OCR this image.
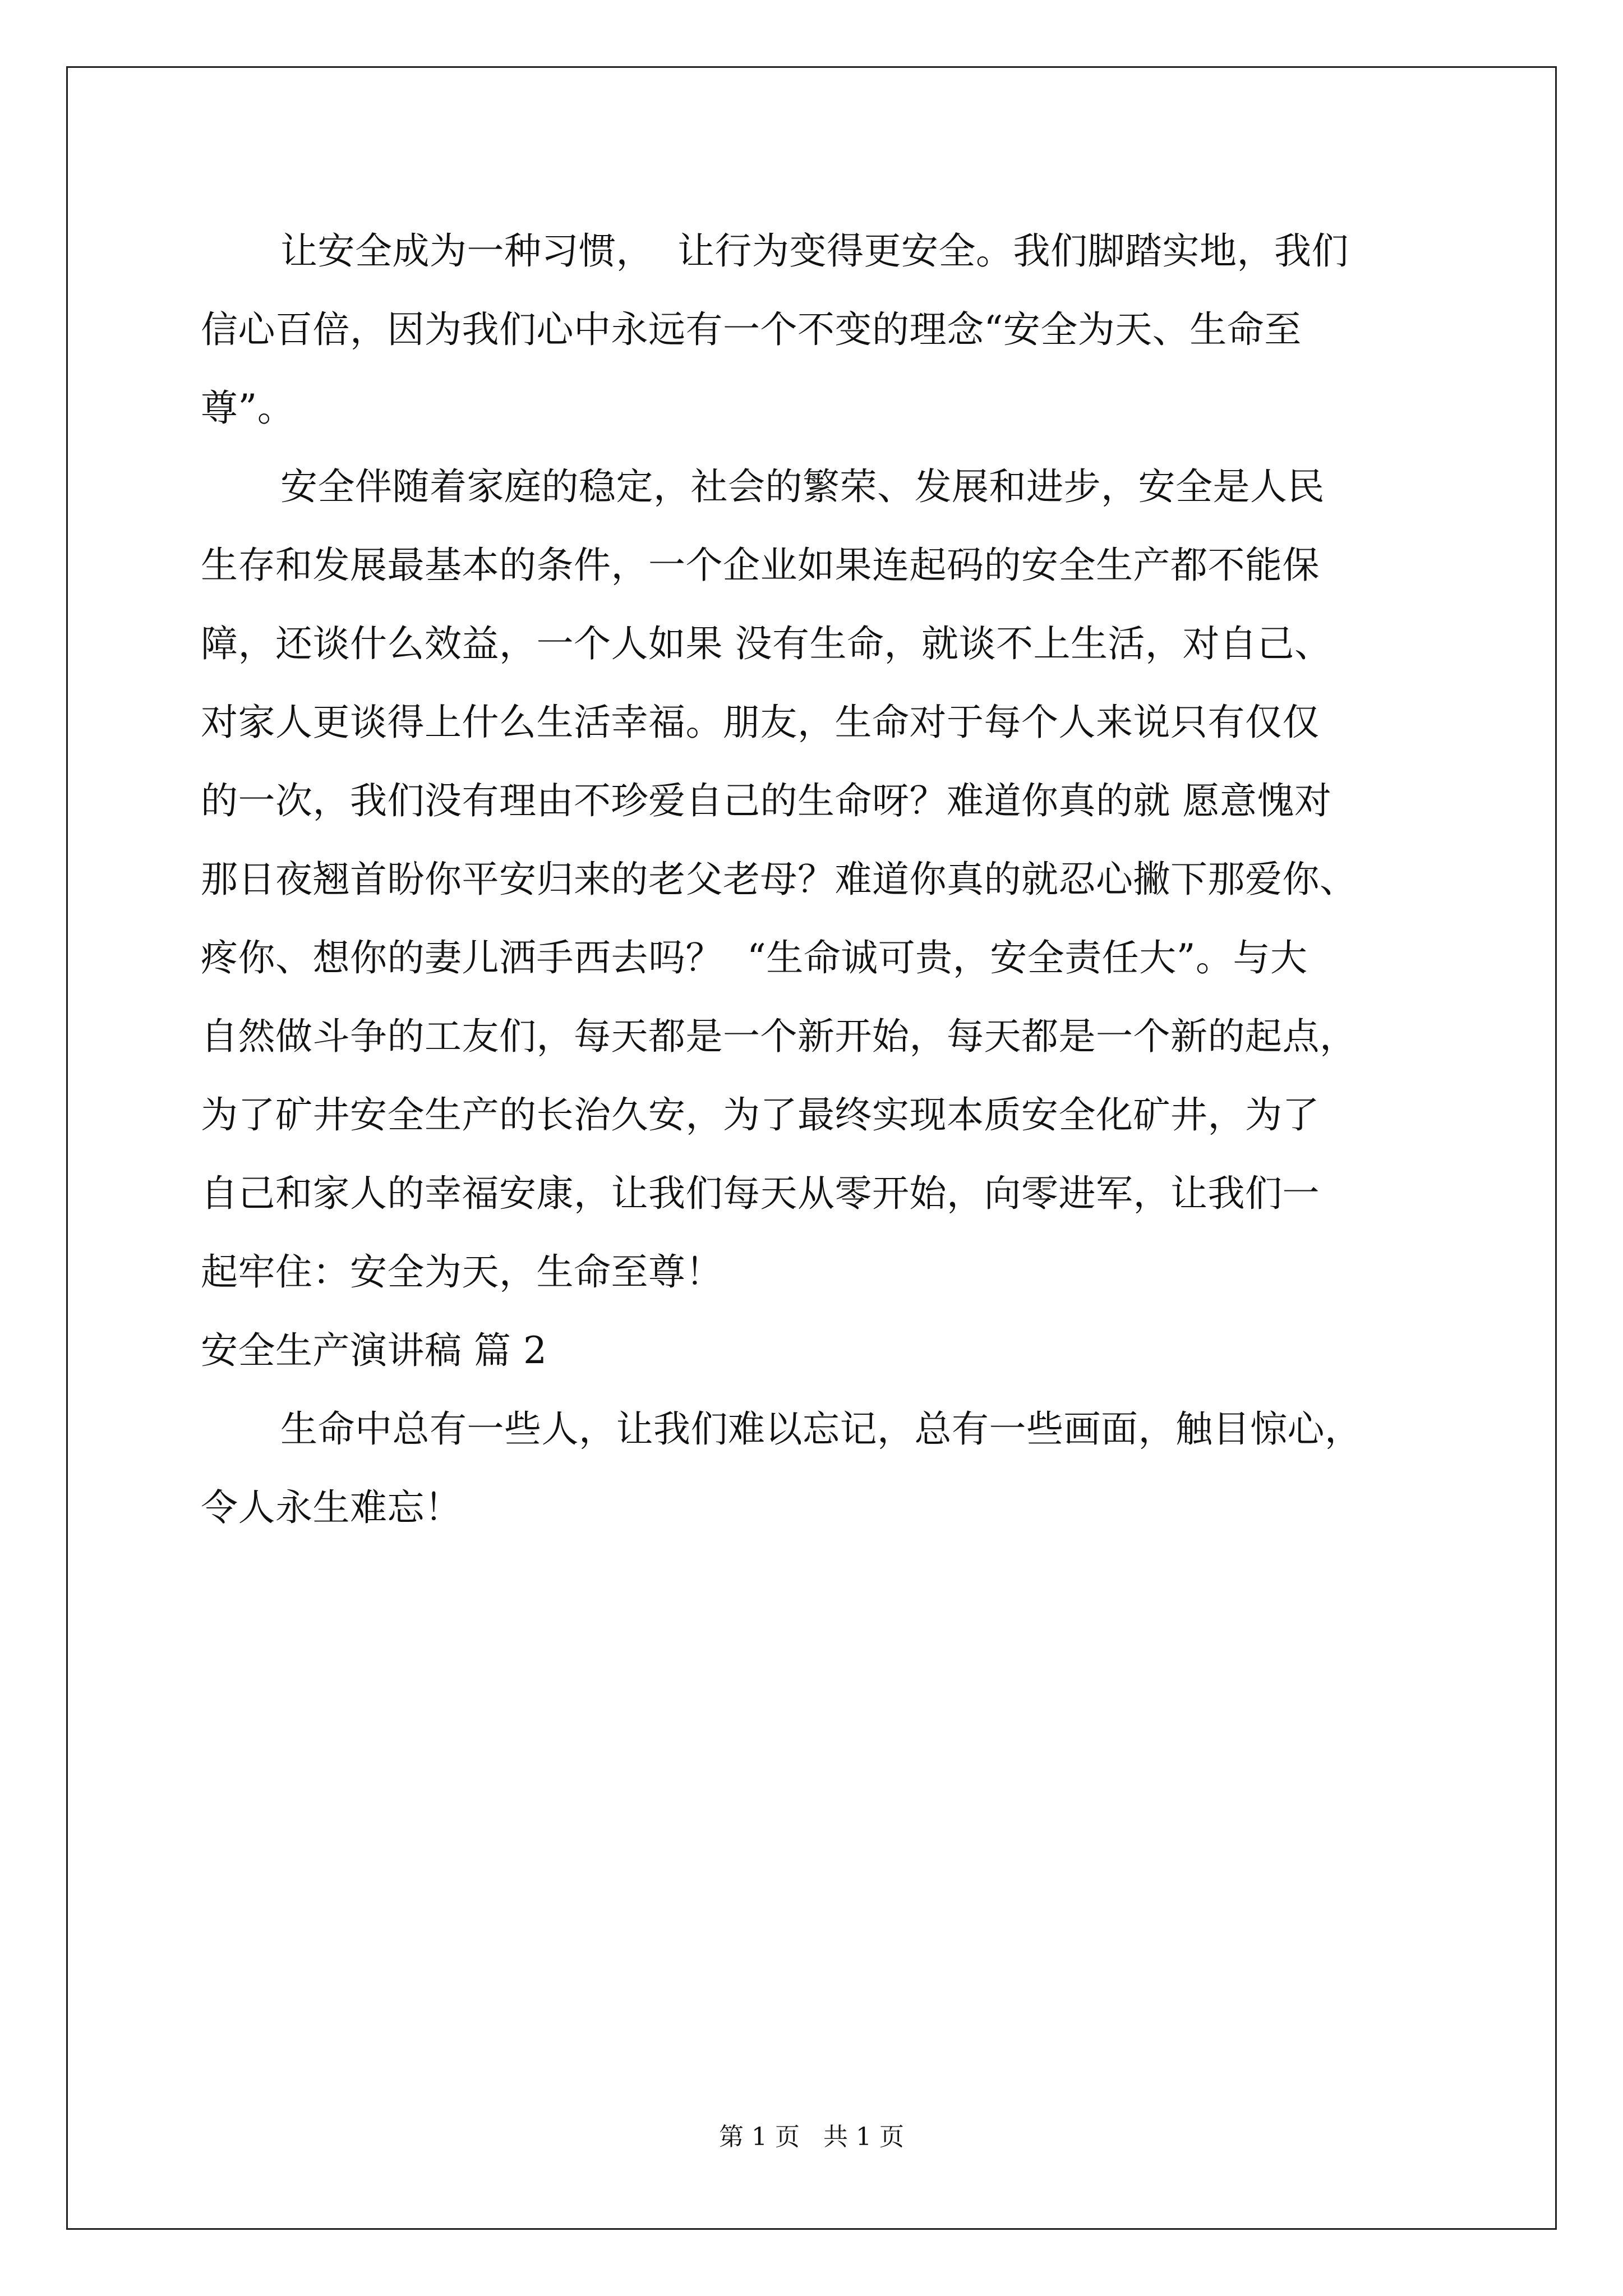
让安全成为一种习惯，  让行为变得更安全。我们脚踏实地，我们
信心百倍，因为我们心中永远有一个不变的理念“安全为天、生命至
尊”。
安全伴随着家庭的稳定，社会的繁荣、发展和进步，安全是人民
生存和发展最基本的条件，一个企业如果连起码的安全生产都不能保
障，还谈什么效益，一个人如果 没有生命，就谈不上生活，对自己、
对家人更谈得上什么生活幸福。朋友，生命对于每个人来说只有仅仅
的一次，我们没有理由不珍爱自己的生命呀？难道你真的就 愿意愧对
那日夜翘首盼你平安归来的老父老母？难道你真的就忍心撇下那爱你、
疼你、想你的妻儿洒手西去吗？  “生命诚可贵，安全责任大”。与大
自然做斗争的工友们，每天都是一个新开始，每天都是一个新的起点，
为了矿井安全生产的长治久安，为了最终实现本质安全化矿井，为了
自己和家人的幸福安康，让我们每天从零开始，向零进军，让我们一
起牢住：安全为天，生命至尊！
安全生产演讲稿 篇 2
生命中总有一些人，让我们难以忘记，总有一些画面，触目惊心，
令人永生难忘！
第 1 页   共 1 页
